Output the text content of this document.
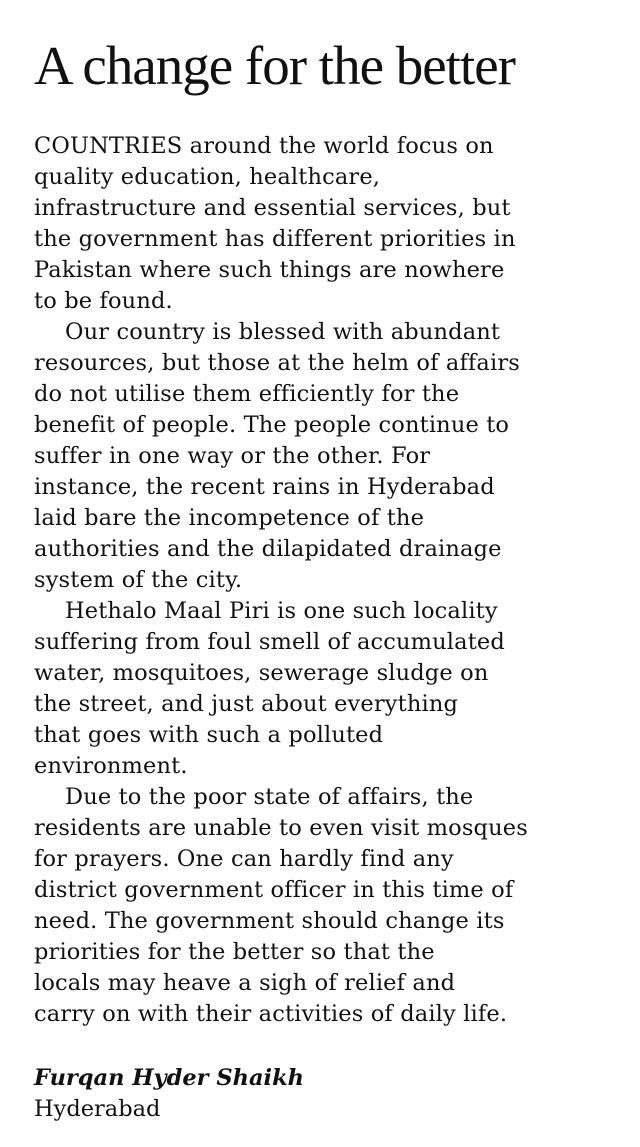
A change for the better
COUNTRIES around the world focus on
quality education, healthcare,
infrastructure and essential services, but
the government has different priorities in
Pakistan where such things are nowhere
to be found.
Our country is blessed with abundant
resources, but those at the helm of affairs
do not utilise them efficiently for the
benefit of people. The people continue to
suffer in one way or the other. For
instance, the recent rains in Hyderabad
laid bare the incompetence of the
authorities and the dilapidated drainage
system of the city.
Hethalo Maal Piri is one such locality
suffering from foul smell of accumulated
water, mosquitoes, sewerage sludge on
the street, and just about everything
that goes with such a polluted
environment.
Due to the poor state of affairs, the
residents are unable to even visit mosques
for prayers. One can hardly find any
district government officer in this time of
need. The government should change its
priorities for the better so that the
locals may heave a sigh of relief and
carry on with their activities of daily life.
Furqan Hyder Shaikh
Hyderabad
